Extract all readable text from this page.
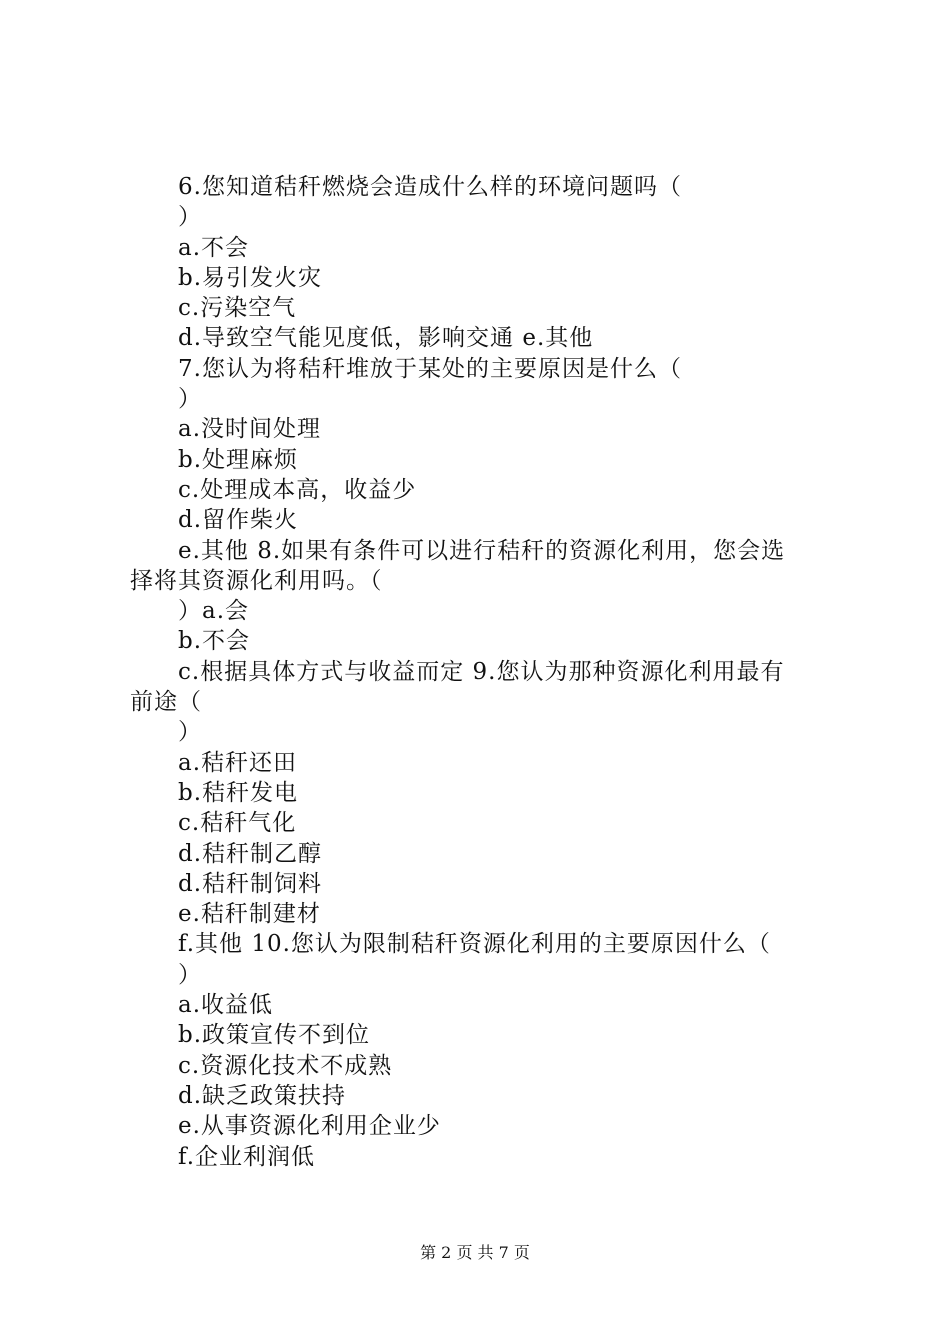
6.您知道秸秆燃烧会造成什么样的环境问题吗（
）
a.不会
b.易引发火灾
c.污染空气
d.导致空气能见度低，影响交通 e.其他
7.您认为将秸秆堆放于某处的主要原因是什么（
）
a.没时间处理
b.处理麻烦
c.处理成本高，收益少
d.留作柴火
e.其他 8.如果有条件可以进行秸秆的资源化利用，您会选
择将其资源化利用吗。（
）a.会
b.不会
c.根据具体方式与收益而定 9.您认为那种资源化利用最有
前途（
）
a.秸秆还田
b.秸秆发电
c.秸秆气化
d.秸秆制乙醇
d.秸秆制饲料
e.秸秆制建材
f.其他 10.您认为限制秸秆资源化利用的主要原因什么（
）
a.收益低
b.政策宣传不到位
c.资源化技术不成熟
d.缺乏政策扶持
e.从事资源化利用企业少
f.企业利润低
第 2 页 共 7 页
